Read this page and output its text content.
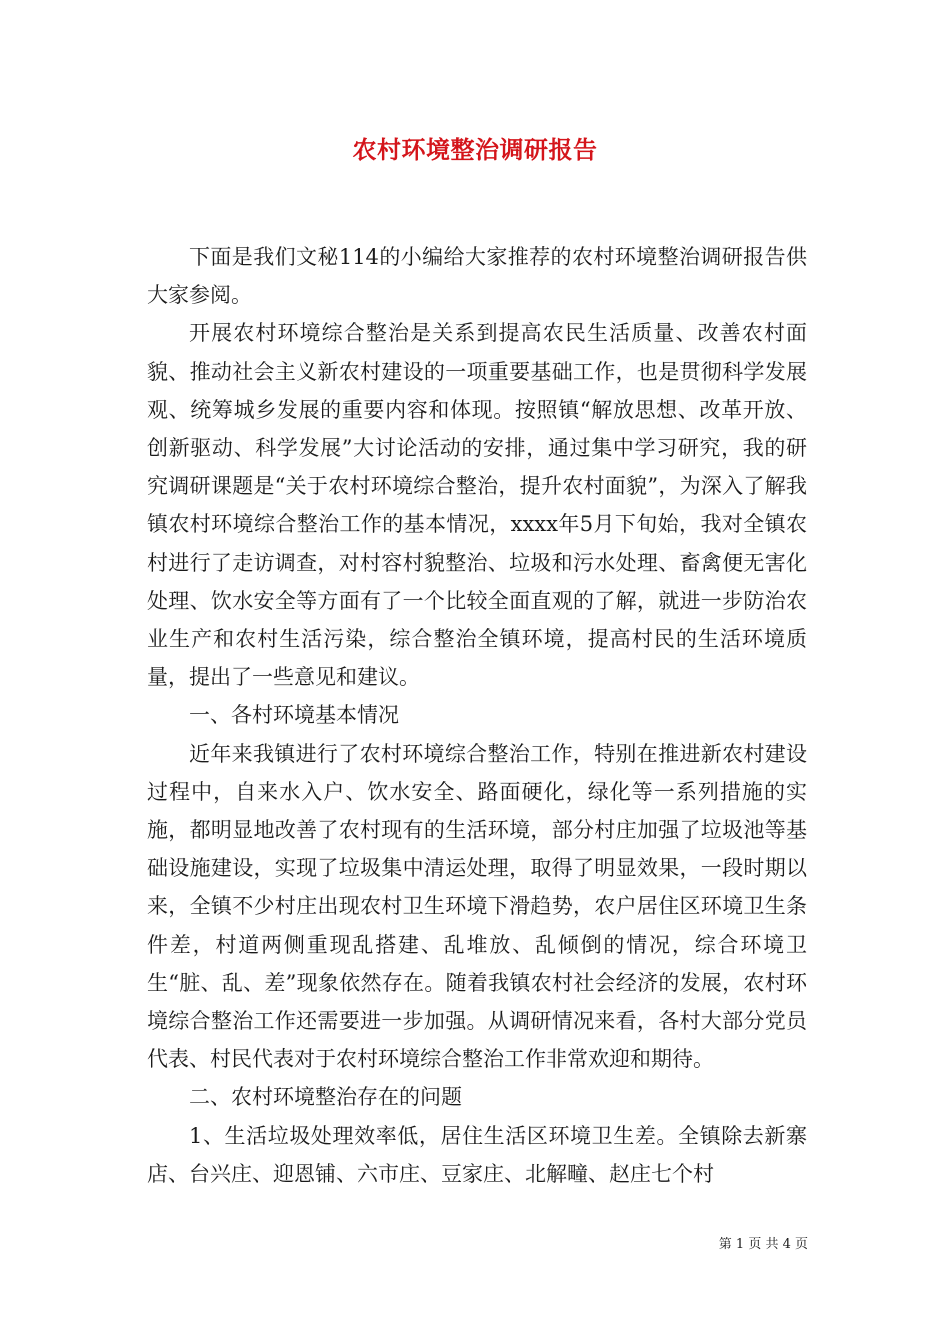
农村环境整治调研报告

下面是我们文秘114的小编给大家推荐的农村环境整治调研报告供大家参阅。

开展农村环境综合整治是关系到提高农民生活质量、改善农村面貌、推动社会主义新农村建设的一项重要基础工作，也是贯彻科学发展观、统筹城乡发展的重要内容和体现。按照镇“解放思想、改革开放、创新驱动、科学发展”大讨论活动的安排，通过集中学习研究，我的研究调研课题是“关于农村环境综合整治，提升农村面貌”，为深入了解我镇农村环境综合整治工作的基本情况，xxxx年5月下旬始，我对全镇农村进行了走访调查，对村容村貌整治、垃圾和污水处理、畜禽便无害化处理、饮水安全等方面有了一个比较全面直观的了解，就进一步防治农业生产和农村生活污染，综合整治全镇环境，提高村民的生活环境质量，提出了一些意见和建议。

一、各村环境基本情况

近年来我镇进行了农村环境综合整治工作，特别在推进新农村建设过程中，自来水入户、饮水安全、路面硬化，绿化等一系列措施的实施，都明显地改善了农村现有的生活环境，部分村庄加强了垃圾池等基础设施建设，实现了垃圾集中清运处理，取得了明显效果，一段时期以来，全镇不少村庄出现农村卫生环境下滑趋势，农户居住区环境卫生条件差，村道两侧重现乱搭建、乱堆放、乱倾倒的情况，综合环境卫生“脏、乱、差”现象依然存在。随着我镇农村社会经济的发展，农村环境综合整治工作还需要进一步加强。从调研情况来看，各村大部分党员代表、村民代表对于农村环境综合整治工作非常欢迎和期待。

二、农村环境整治存在的问题

1、生活垃圾处理效率低，居住生活区环境卫生差。全镇除去新寨店、台兴庄、迎恩铺、六市庄、豆家庄、北解疃、赵庄七个村

第 1 页 共 4 页
